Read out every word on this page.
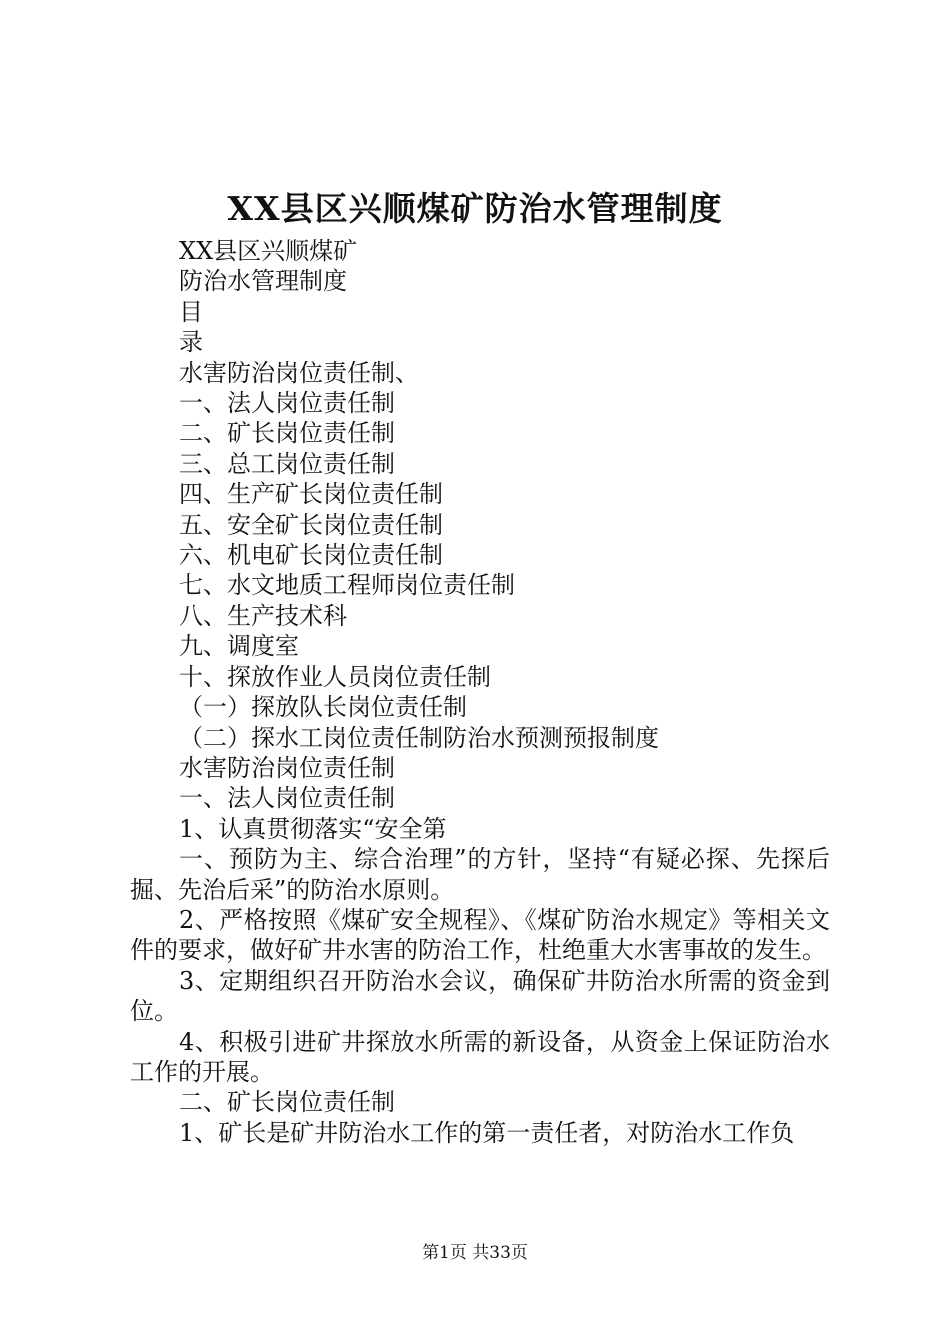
XX县区兴顺煤矿防治水管理制度
XX县区兴顺煤矿
防治水管理制度
目
录
水害防治岗位责任制、
一、法人岗位责任制
二、矿长岗位责任制
三、总工岗位责任制
四、生产矿长岗位责任制
五、安全矿长岗位责任制
六、机电矿长岗位责任制
七、水文地质工程师岗位责任制
八、生产技术科
九、调度室
十、探放作业人员岗位责任制
（一）探放队长岗位责任制
（二）探水工岗位责任制防治水预测预报制度
水害防治岗位责任制
一、法人岗位责任制
1、认真贯彻落实“安全第
一、预防为主、综合治理”的方针，坚持“有疑必探、先探后掘、先治后采”的防治水原则。
2、严格按照《煤矿安全规程》、《煤矿防治水规定》等相关文件的要求，做好矿井水害的防治工作，杜绝重大水害事故的发生。
3、定期组织召开防治水会议，确保矿井防治水所需的资金到位。
4、积极引进矿井探放水所需的新设备，从资金上保证防治水工作的开展。
二、矿长岗位责任制
1、矿长是矿井防治水工作的第一责任者，对防治水工作负
第1页 共33页
